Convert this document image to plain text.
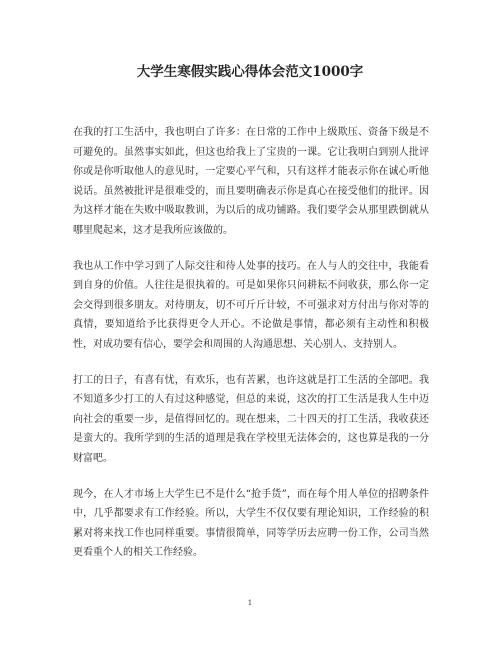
大学生寒假实践心得体会范文1000字

在我的打工生活中，我也明白了许多：在日常的工作中上级欺压、资备下级是不可避免的。虽然事实如此，但这也给我上了宝贵的一课。它让我明白到别人批评你或是你听取他人的意见时，一定要心平气和，只有这样才能表示你在诚心听他说话。虽然被批评是很难受的，而且要明确表示你是真心在接受他们的批评。因为这样才能在失败中吸取教训，为以后的成功铺路。我们要学会从那里跌倒就从哪里爬起来，这才是我所应该做的。

我也从工作中学习到了人际交往和待人处事的技巧。在人与人的交往中，我能看到自身的价值。人往往是很执着的。可是如果你只问耕耘不问收获，那么你一定会交得到很多朋友。对待朋友，切不可斤斤计较，不可强求对方付出与你对等的真情，要知道给予比获得更令人开心。不论做是事情，都必须有主动性和积极性，对成功要有信心，要学会和周围的人沟通思想、关心别人、支持别人。

打工的日子，有喜有忧，有欢乐，也有苦累，也许这就是打工生活的全部吧。我不知道多少打工的人有过这种感觉，但总的来说，这次的打工生活是我人生中迈向社会的重要一步，是值得回忆的。现在想来，二十四天的打工生活，我收获还是蛮大的。我所学到的生活的道理是我在学校里无法体会的，这也算是我的一分财富吧。

现今，在人才市场上大学生已不是什么“抢手货”，而在每个用人单位的招聘条件中，几乎都要求有工作经验。所以，大学生不仅仅要有理论知识，工作经验的积累对将来找工作也同样重要。事情很简单，同等学历去应聘一份工作，公司当然更看重个人的相关工作经验。

1
